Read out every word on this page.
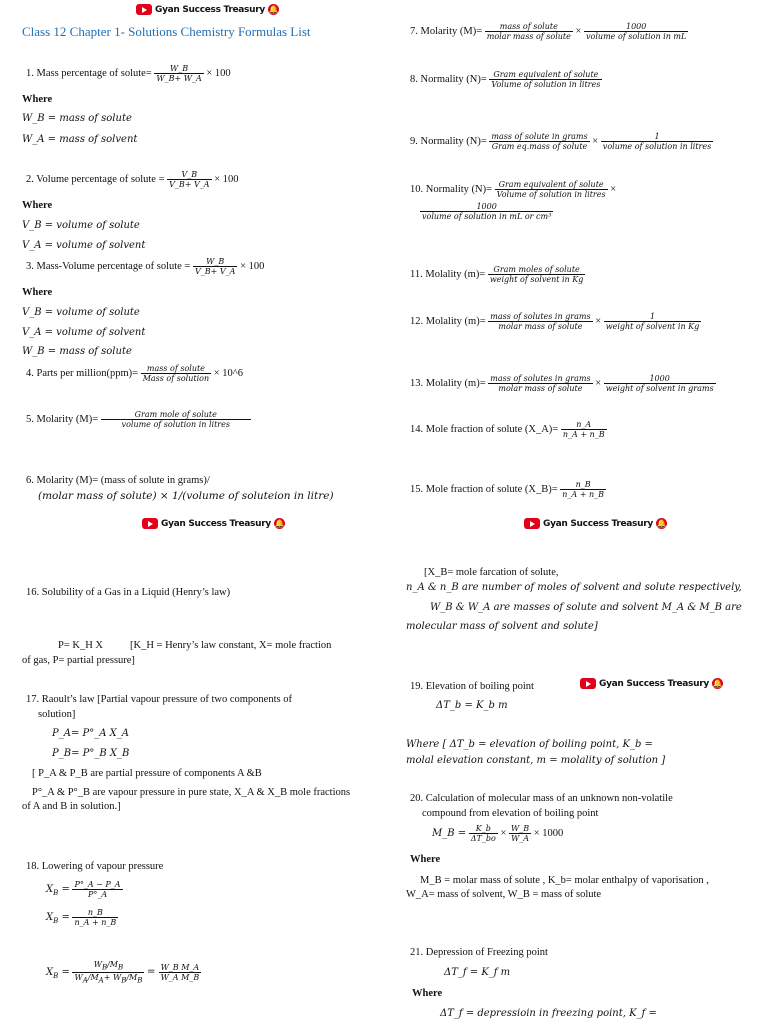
Gyan Success Treasury 🔔
Gyan Success Treasury 🔔	Gyan Success Treasury 🔔
Gyan Success Treasury 🔔
Class 12 Chapter 1- Solutions Chemistry Formulas List
1. Mass percentage of solute= $\frac{W\_B}{W\_B+ W\_A} \times 100$
Where
W_B = mass of solute
W_A = mass of solvent
2. Volume percentage of solute = $\frac{V\_B}{V\_B+ V\_A} \times 100$
Where
V_B = volume of solute
V_A = volume of solvent
3. Mass-Volume percentage of solute = $\frac{W\_B}{V\_B+ V\_A} \times 100$
Where
V_B = volume of solute
V_A = volume of solvent
W_B = mass of solute
4. Parts per million(ppm)= $\frac{\text{mass of solute}}{\text{Mass of solution}}$ × 10^6
5. Molarity $(M)= \frac{\text{Gram mole of solute}}{\text{volume of solution in litres}}$
6. Molarity (M)= (mass of solute in grams)/
(molar mass of solute) × 1/(volume of soluteion in litre)
16. Solubility of a Gas in a Liquid (Henry’s law)
P= K_H X	[K_H = Henry’s law constant, X= mole fraction
of gas, P= partial pressure]
17. Raoult’s law [Partial vapour pressure of two components of
solution]
P_A= P°_A X_A
P_B= P°_B X_B
[ P_A & P_B are partial pressure of components A &B
P°_A & P°_B are vapour pressure in pure state, X_A & X_B mole fractions
of A and B in solution.]
18. Lowering of vapour pressure
$X_B = \frac{P^\circ\_A - P\_A}{P^\circ\_A}$
$X_B = \frac{n\_B}{n\_A + n\_B}$
$X_B = \frac{W_B/M_B}{W_A/M_A+ W_B/M_B} = \frac{\text{W\_B M\_A}}{\text{W\_A M\_B}}$
7. Molarity $(M)= \frac{\text{mass of solute}}{\text{molar mass of solute}} \times \frac{1000}{\text{volume of solution in mL}}$
8. Normality $(N)= \frac{\text{Gram equivalent of solute}}{\text{Volume of solution in litres}}$
9. Normality $(N)= \frac{\text{mass of solute in grams}}{\text{Gram eq.mass of solute}} \times \frac{1}{\text{volume of solution in litres}}$
10. Normality $(N)= \frac{\text{Gram equivalent of solute}}{\text{Volume of solution in litres}}$ ×
$\frac{1000}{\text{volume of solution in mL or cm³}}$
11. Molality $(m)= \frac{\text{Gram moles of solute}}{\text{weight of solvent in Kg}}$
12. Molality $(m)= \frac{\text{mass of solutes in grams}}{\text{molar mass of solute}} \times \frac{1}{\text{weight of solvent in Kg}}$
13. Molality $(m)= \frac{\text{mass of solutes in grams}}{\text{molar mass of solute}} \times \frac{1000}{\text{weight of solvent in grams}}$
14. Mole fraction of solute (X_A)= $\frac{n\_A}{n\_A + n\_B}$
15. Mole fraction of solute (X_B)= $\frac{n\_B}{n\_A + n\_B}$
[X_B= mole farcation of solute,
n_A & n_B are number of moles of solvent and solute respectively,
W_B & W_A are masses of solute and solvent M_A & M_B are
molecular mass of solvent and solute]
19. Elevation of boiling point
ΔT_b = K_b m
Where [ ΔT_b = elevation of boiling point, K_b =
molal elevation constant, m = molality of solution ]
20. Calculation of molecular mass of an unknown non-volatile
compound from elevation of boiling point
M_B = $\frac{K\_b}{\Delta T\_bo} \times \frac{W\_B}{W\_A} \times 1000$
Where
M_B = molar mass of solute , K_b= molar enthalpy of vaporisation ,
W_A= mass of solvent, W_B = mass of solute
21. Depression of Freezing point
ΔT_f = K_f m
Where
ΔT_f = depressioin in freezing point, K_f =
